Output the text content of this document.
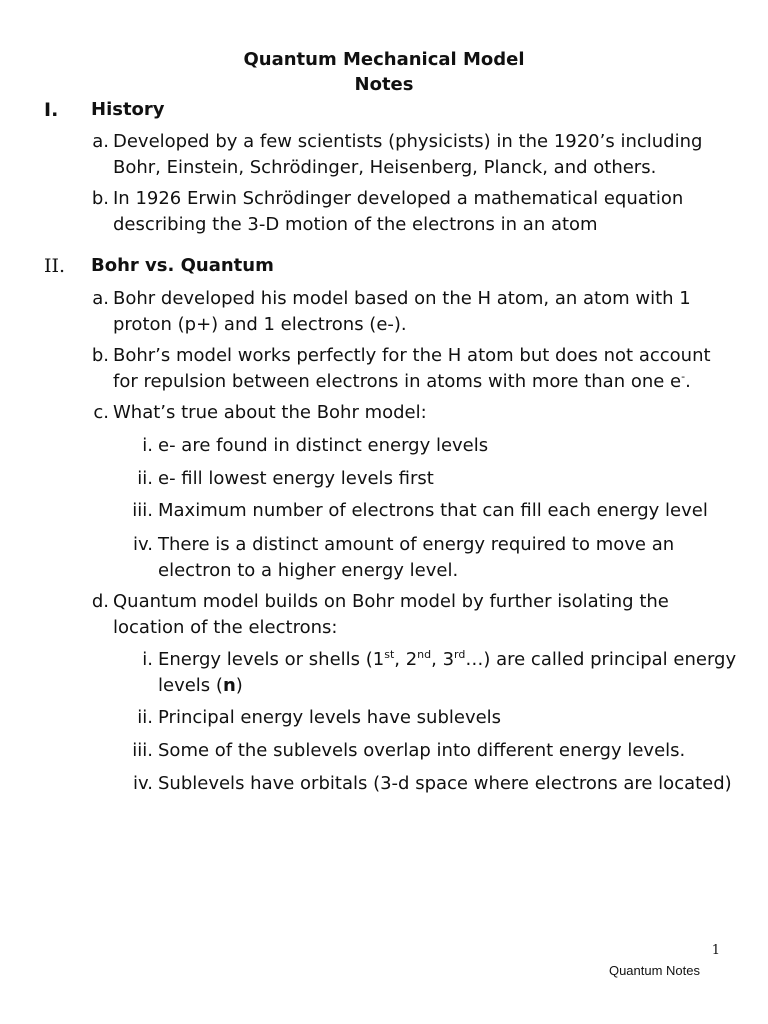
Quantum Mechanical Model
Notes
I. History
a. Developed by a few scientists (physicists) in the 1920’s including
Bohr, Einstein, Schrödinger, Heisenberg, Planck, and others.
b. In 1926 Erwin Schrödinger developed a mathematical equation
describing the 3-D motion of the electrons in an atom
II. Bohr vs. Quantum
a. Bohr developed his model based on the H atom, an atom with 1
proton (p+) and 1 electrons (e-).
b. Bohr’s model works perfectly for the H atom but does not account
for repulsion between electrons in atoms with more than one e-.
c. What’s true about the Bohr model:
i. e- are found in distinct energy levels
ii. e- fill lowest energy levels first
iii. Maximum number of electrons that can fill each energy level
iv. There is a distinct amount of energy required to move an
electron to a higher energy level.
d. Quantum model builds on Bohr model by further isolating the
location of the electrons:
i. Energy levels or shells (1st, 2nd, 3rd…) are called principal energy
levels (n)
ii. Principal energy levels have sublevels
iii. Some of the sublevels overlap into different energy levels.
iv. Sublevels have orbitals (3-d space where electrons are located)
1
Quantum Notes
